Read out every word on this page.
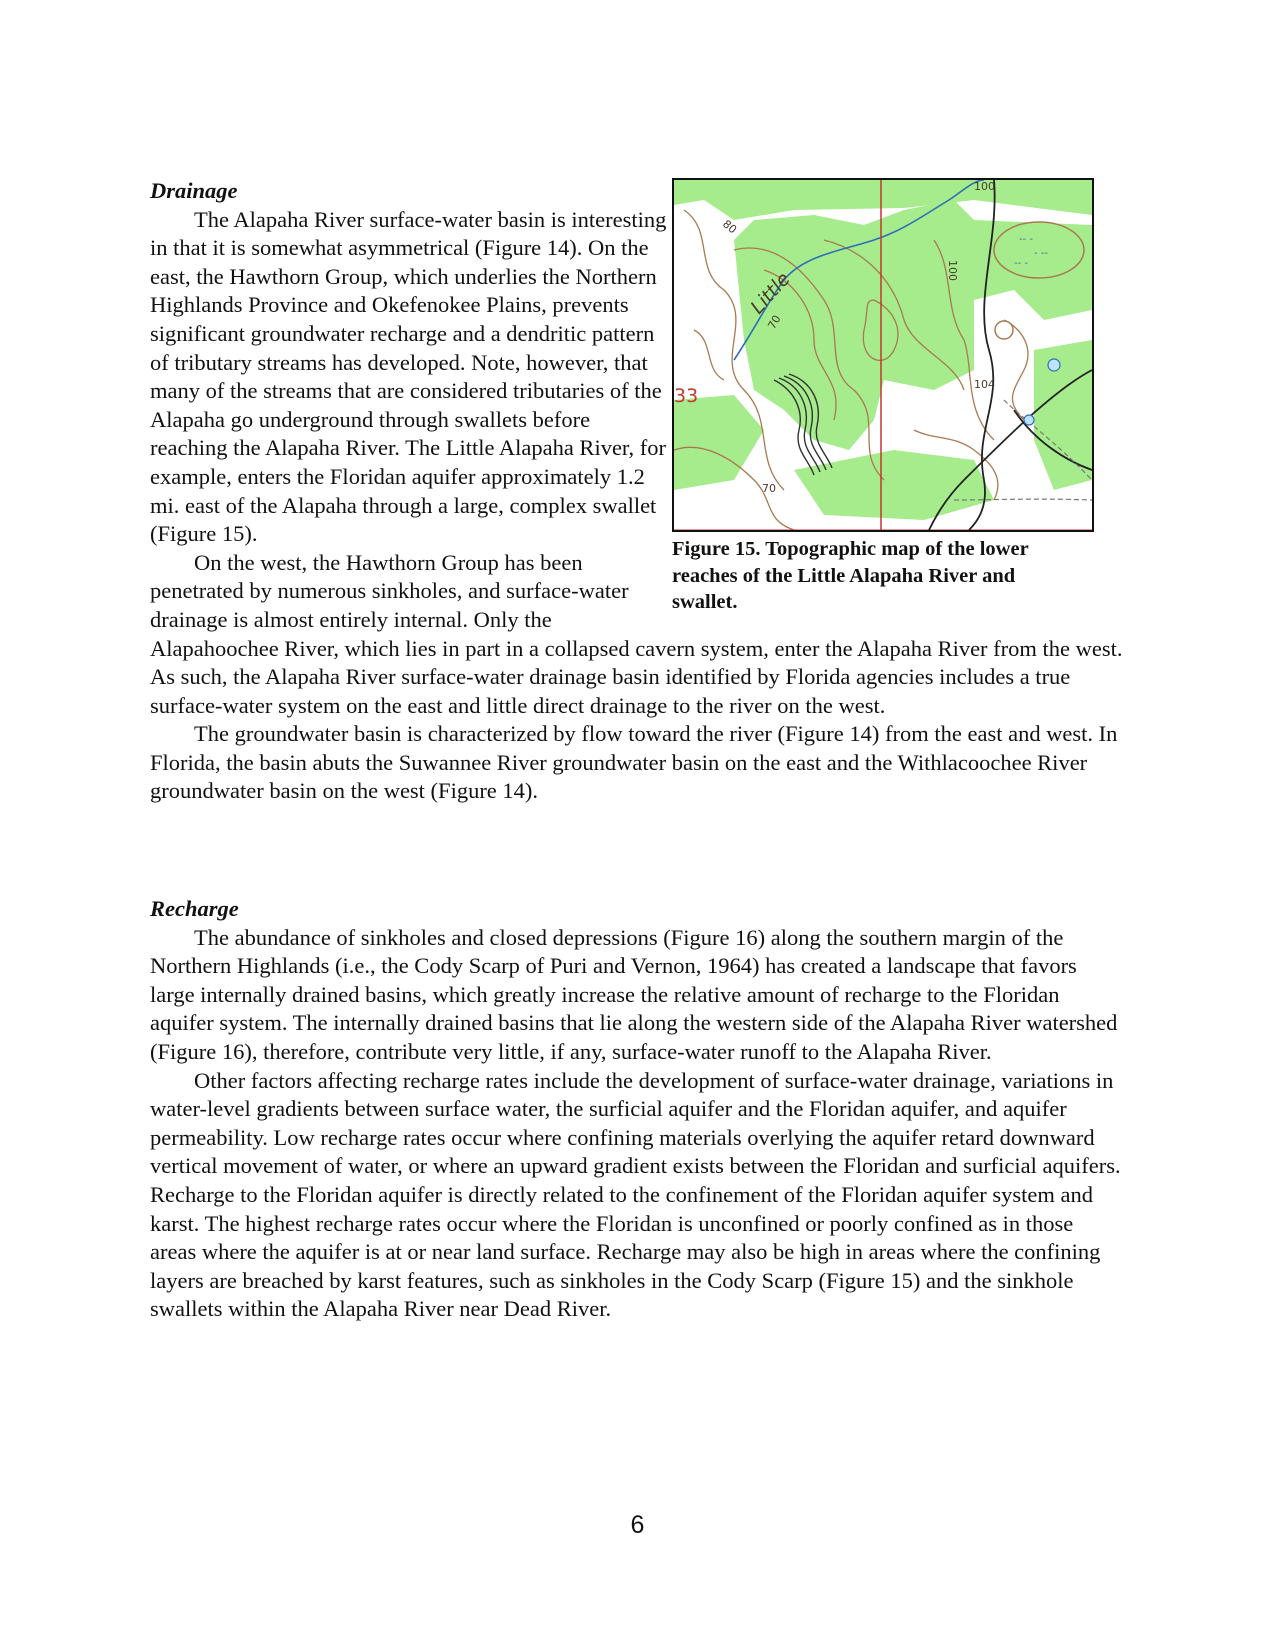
Drainage

The Alapaha River surface-water basin is interesting in that it is somewhat asymmetrical (Figure 14). On the east, the Hawthorn Group, which underlies the Northern Highlands Province and Okefenokee Plains, prevents significant groundwater recharge and a dendritic pattern of tributary streams has developed. Note, however, that many of the streams that are considered tributaries of the Alapaha go underground through swallets before reaching the Alapaha River. The Little Alapaha River, for example, enters the Floridan aquifer approximately 1.2 mi. east of the Alapaha through a large, complex swallet (Figure 15).

On the west, the Hawthorn Group has been penetrated by numerous sinkholes, and surface-water drainage is almost entirely internal. Only the Alapahoochee River, which lies in part in a collapsed cavern system, enter the Alapaha River from the west. As such, the Alapaha River surface-water drainage basin identified by Florida agencies includes a true surface-water system on the east and little direct drainage to the river on the west.

The groundwater basin is characterized by flow toward the river (Figure 14) from the east and west. In Florida, the basin abuts the Suwannee River groundwater basin on the east and the Withlacoochee River groundwater basin on the west (Figure 14).

-- -
- --
-- -
Little
70
80
100
100
104
70
33
Figure 15. Topographic map of the lower reaches of the Little Alapaha River and swallet.
Recharge

The abundance of sinkholes and closed depressions (Figure 16) along the southern margin of the Northern Highlands (i.e., the Cody Scarp of Puri and Vernon, 1964) has created a landscape that favors large internally drained basins, which greatly increase the relative amount of recharge to the Floridan aquifer system. The internally drained basins that lie along the western side of the Alapaha River watershed (Figure 16), therefore, contribute very little, if any, surface-water runoff to the Alapaha River.

Other factors affecting recharge rates include the development of surface-water drainage, variations in water-level gradients between surface water, the surficial aquifer and the Floridan aquifer, and aquifer permeability. Low recharge rates occur where confining materials overlying the aquifer retard downward vertical movement of water, or where an upward gradient exists between the Floridan and surficial aquifers. Recharge to the Floridan aquifer is directly related to the confinement of the Floridan aquifer system and karst. The highest recharge rates occur where the Floridan is unconfined or poorly confined as in those areas where the aquifer is at or near land surface. Recharge may also be high in areas where the confining layers are breached by karst features, such as sinkholes in the Cody Scarp (Figure 15) and the sinkhole swallets within the Alapaha River near Dead River.

6
